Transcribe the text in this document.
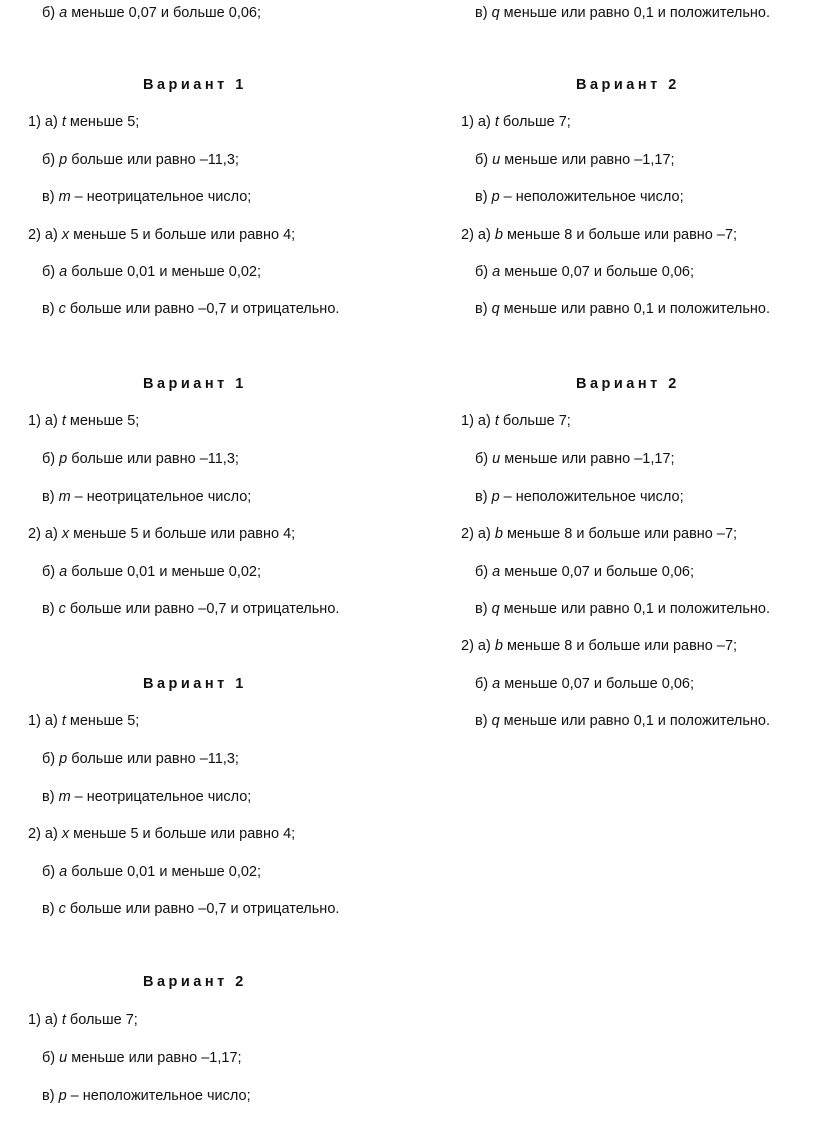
б) a меньше 0,07 и больше 0,06;
Вариант 1
1) а) t меньше 5;
б) p больше или равно –11,3;
в) m – неотрицательное число;
2) а) x меньше 5 и больше или равно 4;
б) a больше 0,01 и меньше 0,02;
в) c больше или равно –0,7 и отрицательно.
Вариант 1
1) а) t меньше 5;
б) p больше или равно –11,3;
в) m – неотрицательное число;
2) а) x меньше 5 и больше или равно 4;
б) a больше 0,01 и меньше 0,02;
в) c больше или равно –0,7 и отрицательно.
Вариант 1
1) а) t меньше 5;
б) p больше или равно –11,3;
в) m – неотрицательное число;
2) а) x меньше 5 и больше или равно 4;
б) a больше 0,01 и меньше 0,02;
в) c больше или равно –0,7 и отрицательно.
Вариант 2
1) а) t больше 7;
б) u меньше или равно –1,17;
в) p – неположительное число;
в) q меньше или равно 0,1 и положительно.
Вариант 2
1) а) t больше 7;
б) u меньше или равно –1,17;
в) p – неположительное число;
2) а) b меньше 8 и больше или равно –7;
б) a меньше 0,07 и больше 0,06;
в) q меньше или равно 0,1 и положительно.
Вариант 2
1) а) t больше 7;
б) u меньше или равно –1,17;
в) p – неположительное число;
2) а) b меньше 8 и больше или равно –7;
б) a меньше 0,07 и больше 0,06;
в) q меньше или равно 0,1 и положительно.
2) а) b меньше 8 и больше или равно –7;
б) a меньше 0,07 и больше 0,06;
в) q меньше или равно 0,1 и положительно.
